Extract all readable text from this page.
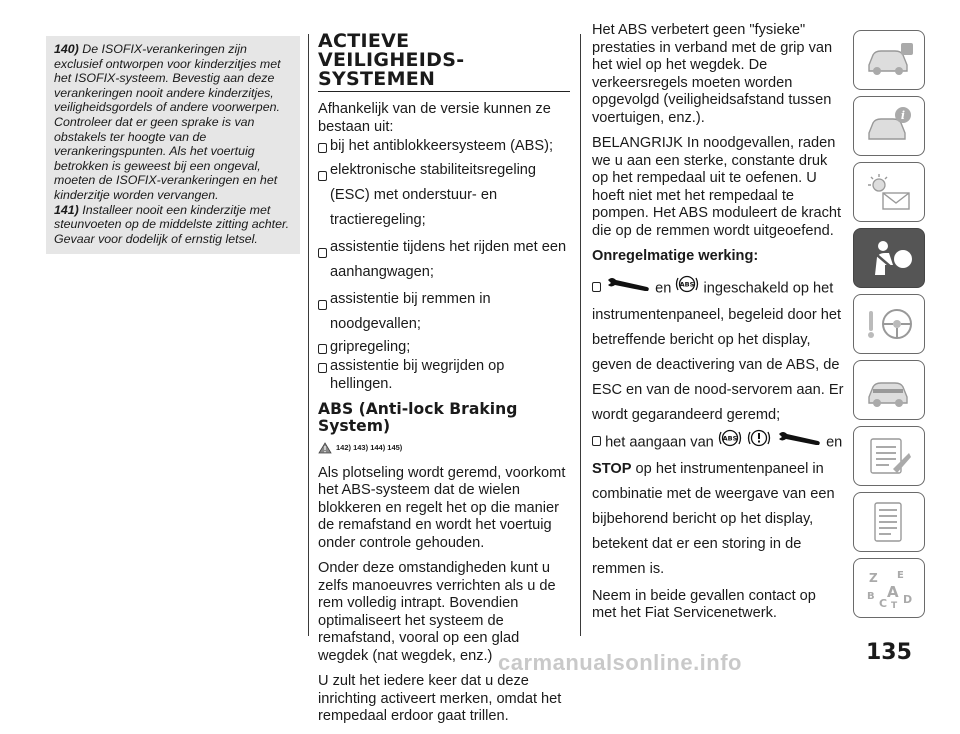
140) De ISOFIX-verankeringen zijn exclusief ontworpen voor kinderzitjes met het ISOFIX-systeem. Bevestig aan deze verankeringen nooit andere kinderzitjes, veiligheidsgordels of andere voorwerpen. Controleer dat er geen sprake is van obstakels ter hoogte van de verankeringspunten. Als het voertuig betrokken is geweest bij een ongeval, moeten de ISOFIX-verankeringen en het kinderzitje worden vervangen.
141) Installeer nooit een kinderzitje met steunvoeten op de middelste zitting achter. Gevaar voor dodelijk of ernstig letsel.
ACTIEVE
VEILIGHEIDS-
SYSTEMEN
Afhankelijk van de versie kunnen ze bestaan uit:
bij het antiblokkeersysteem (ABS);
elektronische stabiliteitsregeling (ESC) met onderstuur- en tractieregeling;
assistentie tijdens het rijden met een aanhangwagen;
assistentie bij remmen in noodgevallen;
gripregeling;
assistentie bij wegrijden op hellingen.
ABS (Anti-lock Braking
System)
142) 143) 144) 145)

Als plotseling wordt geremd, voorkomt het ABS-systeem dat de wielen blokkeren en regelt het op die manier de remafstand en wordt het voertuig onder controle gehouden.

Onder deze omstandigheden kunt u zelfs manoeuvres verrichten als u de rem volledig intrapt. Bovendien optimaliseert het systeem de remafstand, vooral op een glad wegdek (nat wegdek, enz.)

U zult het iedere keer dat u deze inrichting activeert merken, omdat het rempedaal erdoor gaat trillen.

Het ABS verbetert geen "fysieke" prestaties in verband met de grip van het wiel op het wegdek. De verkeersregels moeten worden opgevolgd (veiligheidsafstand tussen voertuigen, enz.).

BELANGRIJK In noodgevallen, raden we u aan een sterke, constante druk op het rempedaal uit te oefenen. U hoeft niet met het rempedaal te pompen. Het ABS moduleert de kracht die op de remmen wordt uitgeoefend.

Onregelmatige werking:

en ABS ingeschakeld op het instrumentenpaneel, begeleid door het betreffende bericht op het display, geven de deactivering van de ABS, de ESC en van de nood-servorem aan. Er wordt gegarandeerd geremd;
het aangaan van ABS	en STOP op het instrumentenpaneel in combinatie met de weergave van een bijbehorend bericht op het display, betekent dat er een storing in de remmen is.

Neem in beide gevallen contact op met het Fiat Servicenetwerk.

i
Z E
B A
C T D
135
carmanualsonline.info
